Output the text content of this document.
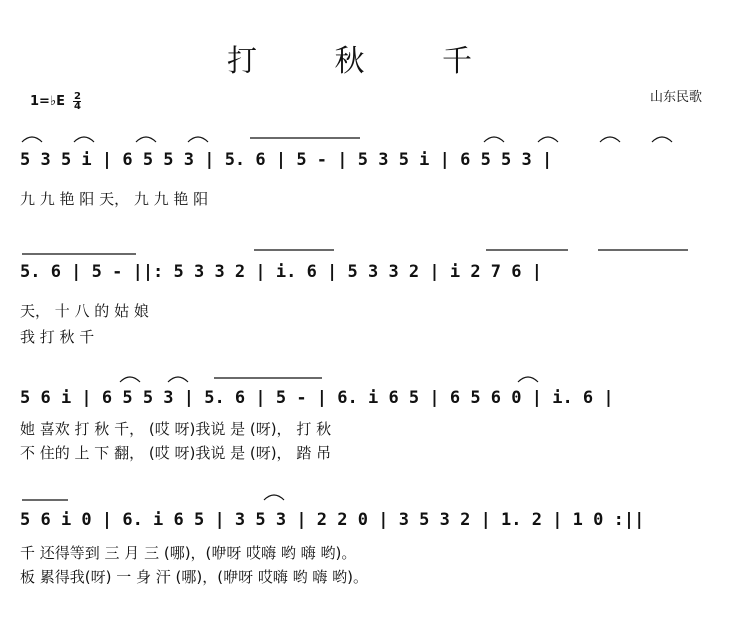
打 秋 千
1=♭E $\frac{2}{4}$	山东民歌
5 3 5 i | 6 5 5 3 | 5. 6 | 5 - | 5 3 5 i | 6 5 5 3 |
九 九 艳 阳 天， 九 九 艳 阳
5. 6 | 5 - ||: 5 3 3 2 | i. 6 | 5 3 3 2 | i 2 7 6 |
天， 十 八 的 姑 娘
我 打 秋 千
5 6 i | 6 5 5 3 | 5. 6 | 5 - | 6. i 6 5 | 6 5 6 0 | i. 6 |
她 喜欢 打 秋 千， (哎 呀)我说 是 (呀)， 打 秋
不 住的 上 下 翻， (哎 呀)我说 是 (呀)， 踏 吊
5 6 i 0 | 6. i 6 5 | 3 5 3 | 2 2 0 | 3 5 3 2 | 1. 2 | 1 0 :||
千 还得等到 三 月 三 (哪)，(咿呀 哎嗨 哟 嗨 哟)。
板 累得我(呀) 一 身 汗 (哪)，(咿呀 哎嗨 哟 嗨 哟)。
